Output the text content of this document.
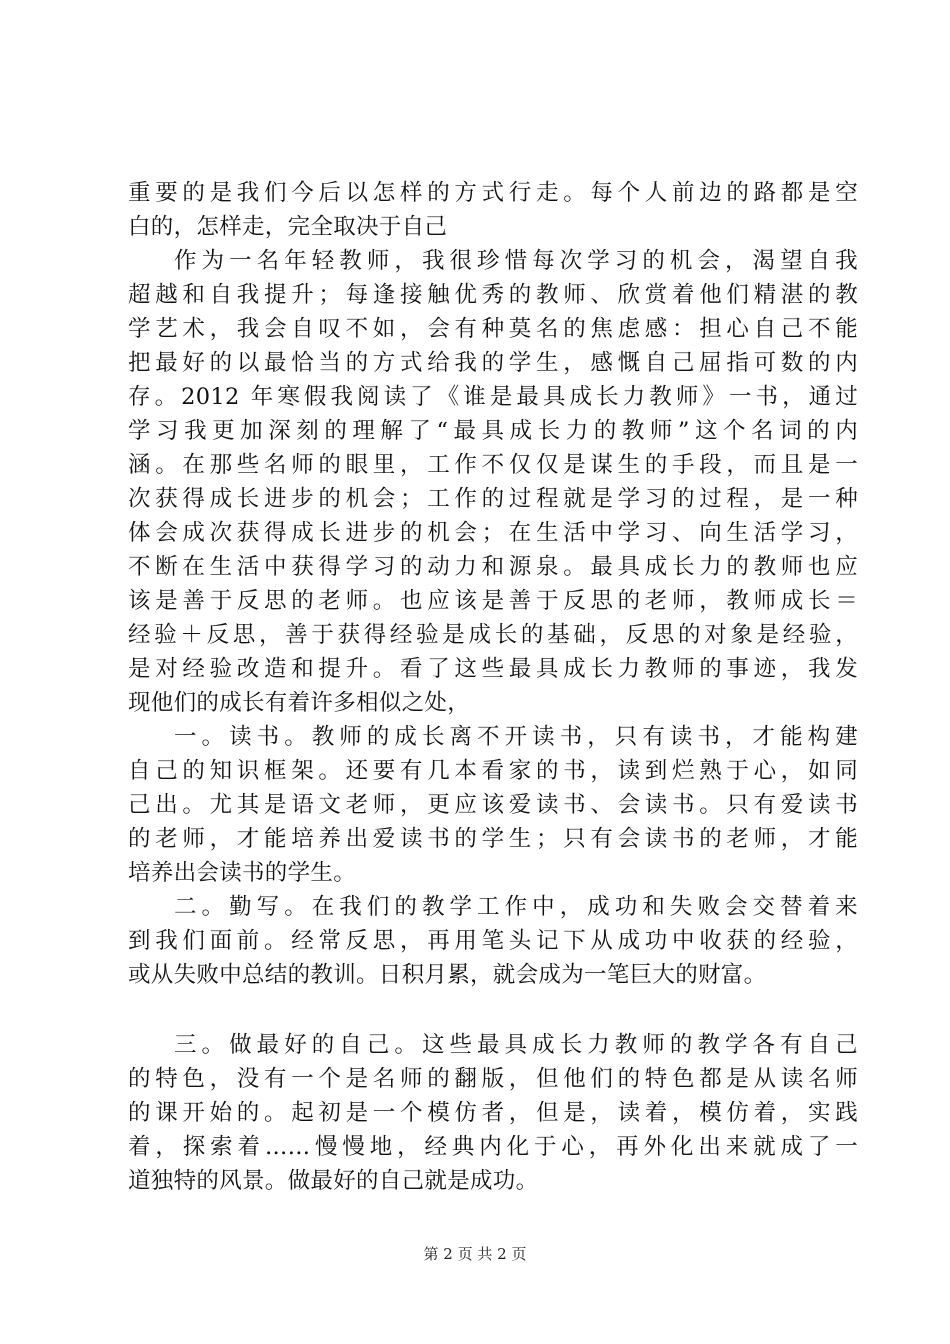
重要的是我们今后以怎样的方式行走。每个人前边的路都是空
白的，怎样走，完全取决于自己
作为一名年轻教师，我很珍惜每次学习的机会，渴望自我
超越和自我提升；每逢接触优秀的教师、欣赏着他们精湛的教
学艺术，我会自叹不如，会有种莫名的焦虑感：担心自己不能
把最好的以最恰当的方式给我的学生，感慨自己屈指可数的内
存。2012 年寒假我阅读了《谁是最具成长力教师》一书，通过
学习我更加深刻的理解了“最具成长力的教师”这个名词的内
涵。在那些名师的眼里，工作不仅仅是谋生的手段，而且是一
次获得成长进步的机会；工作的过程就是学习的过程，是一种
体会成次获得成长进步的机会；在生活中学习、向生活学习，
不断在生活中获得学习的动力和源泉。最具成长力的教师也应
该是善于反思的老师。也应该是善于反思的老师，教师成长＝
经验＋反思，善于获得经验是成长的基础，反思的对象是经验，
是对经验改造和提升。看了这些最具成长力教师的事迹，我发
现他们的成长有着许多相似之处，
一。读书。教师的成长离不开读书，只有读书，才能构建
自己的知识框架。还要有几本看家的书，读到烂熟于心，如同
己出。尤其是语文老师，更应该爱读书、会读书。只有爱读书
的老师，才能培养出爱读书的学生；只有会读书的老师，才能
培养出会读书的学生。
二。勤写。在我们的教学工作中，成功和失败会交替着来
到我们面前。经常反思，再用笔头记下从成功中收获的经验，
或从失败中总结的教训。日积月累，就会成为一笔巨大的财富。
三。做最好的自己。这些最具成长力教师的教学各有自己
的特色，没有一个是名师的翻版，但他们的特色都是从读名师
的课开始的。起初是一个模仿者，但是，读着，模仿着，实践
着，探索着……慢慢地，经典内化于心，再外化出来就成了一
道独特的风景。做最好的自己就是成功。
第 2 页 共 2 页
